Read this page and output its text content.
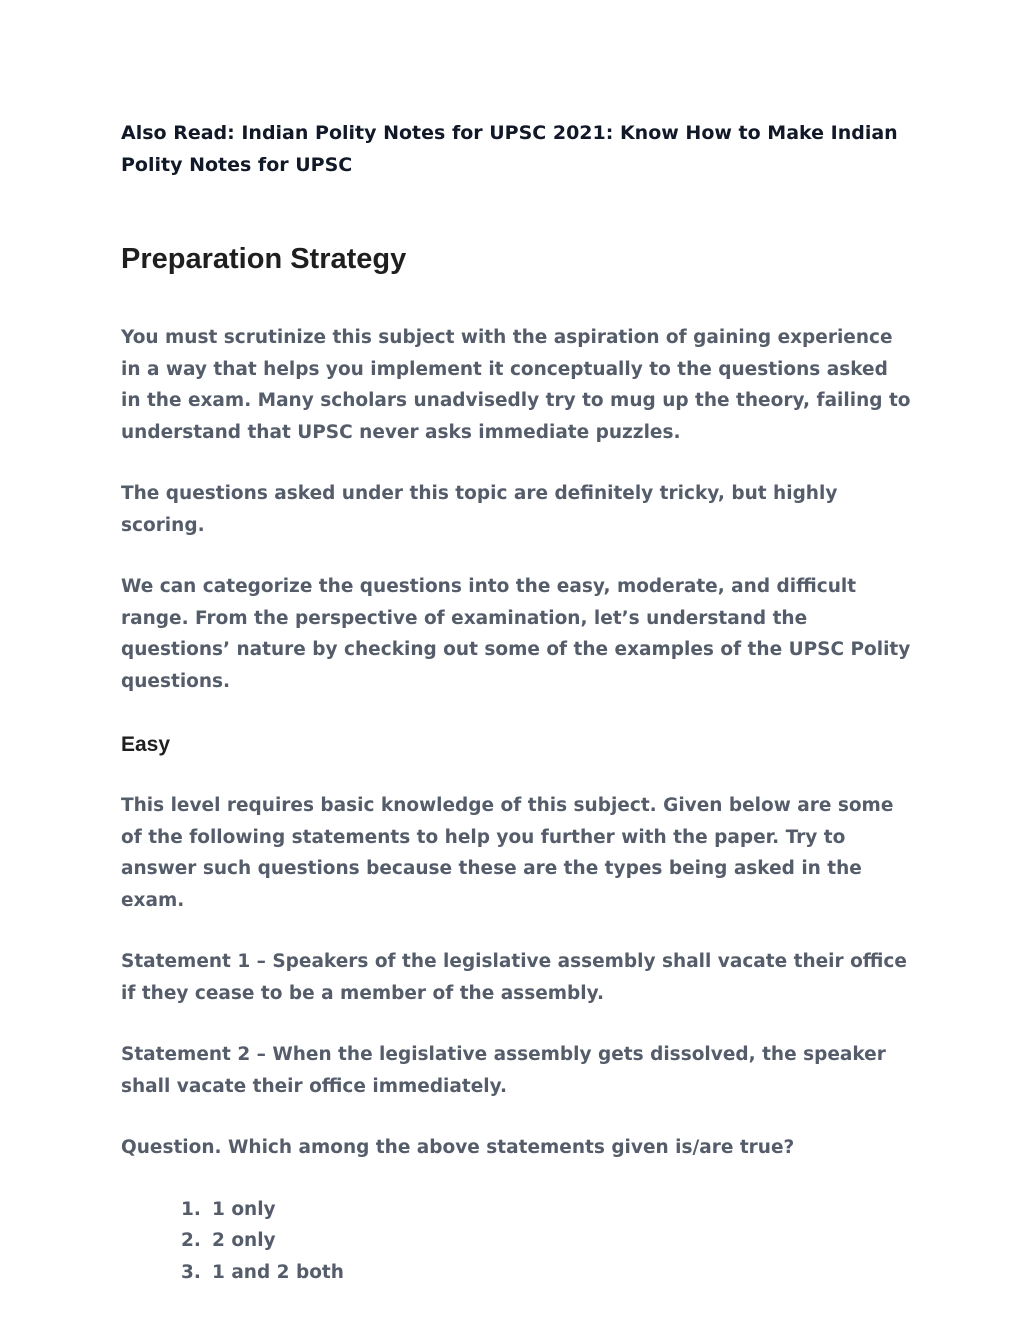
Also Read: Indian Polity Notes for UPSC 2021: Know How to Make Indian Polity Notes for UPSC

Preparation Strategy

You must scrutinize this subject with the aspiration of gaining experience in a way that helps you implement it conceptually to the questions asked in the exam. Many scholars unadvisedly try to mug up the theory, failing to understand that UPSC never asks immediate puzzles.

The questions asked under this topic are definitely tricky, but highly scoring.

We can categorize the questions into the easy, moderate, and difficult range. From the perspective of examination, let’s understand the questions’ nature by checking out some of the examples of the UPSC Polity questions.

Easy

This level requires basic knowledge of this subject. Given below are some of the following statements to help you further with the paper. Try to answer such questions because these are the types being asked in the exam.

Statement 1 – Speakers of the legislative assembly shall vacate their office if they cease to be a member of the assembly.

Statement 2 – When the legislative assembly gets dissolved, the speaker shall vacate their office immediately.

Question. Which among the above statements given is/are true?

1. 1 only
2. 2 only
3. 1 and 2 both
